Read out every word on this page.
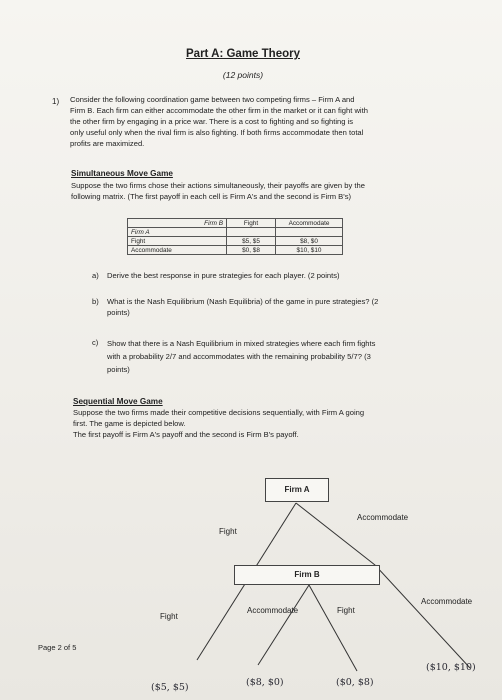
Part A: Game Theory
(12 points)
1) Consider the following coordination game between two competing firms – Firm A and
Firm B. Each firm can either accommodate the other firm in the market or it can fight with
the other firm by engaging in a price war. There is a cost to fighting and so fighting is
only useful only when the rival firm is also fighting. If both firms accommodate then total
profits are maximized.
Simultaneous Move Game
Suppose the two firms chose their actions simultaneously, their payoffs are given by the
following matrix. (The first payoff in each cell is Firm A's and the second is Firm B's)
Firm B	Fight	Accommodate
Firm A		
Fight	$5, $5	$8, $0
Accommodate	$0, $8	$10, $10
a) Derive the best response in pure strategies for each player. (2 points)
b) What is the Nash Equilibrium (Nash Equilibria) of the game in pure strategies? (2
points)
c) Show that there is a Nash Equilibrium in mixed strategies where each firm fights
with a probability 2/7 and accommodates with the remaining probability 5/7? (3
points)
Sequential Move Game
Suppose the two firms made their competitive decisions sequentially, with Firm A going
first. The game is depicted below.
The first payoff is Firm A's payoff and the second is Firm B's payoff.
Firm A
Firm B
Fight
Accommodate
Fight
Accommodate	Fight
Accommodate
($5, $5)	($8, $0)	($0, $8)
($10, $10)
Page 2 of 5
